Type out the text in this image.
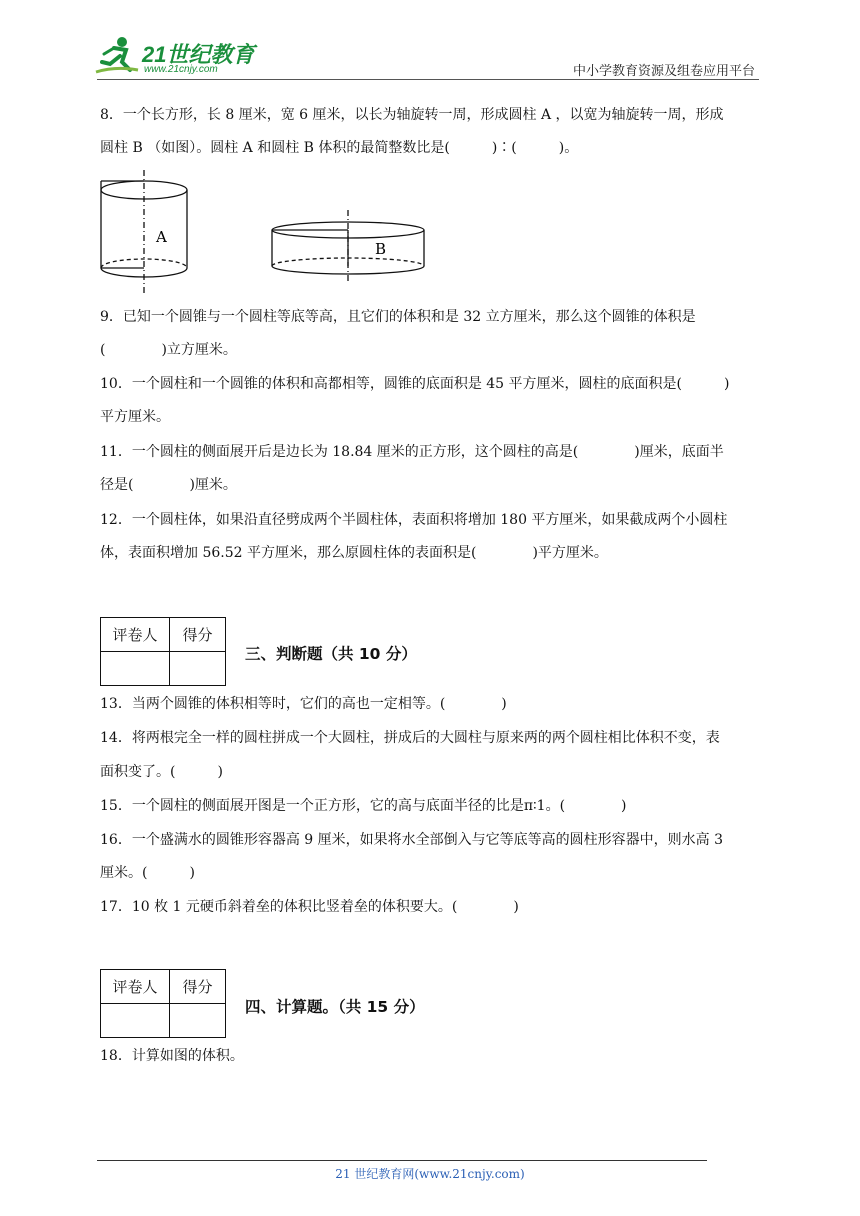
21世纪教育
www.21cnjy.com	中小学教育资源及组卷应用平台
8．一个长方形，长 8 厘米，宽 6 厘米，以长为轴旋转一周，形成圆柱 A ，以宽为轴旋转一周，形成
圆柱 B （如图）。圆柱 A 和圆柱 B 体积的最简整数比是(　　　)∶(　　　)。
A
B
9．已知一个圆锥与一个圆柱等底等高，且它们的体积和是 32 立方厘米，那么这个圆锥的体积是
(　　　　)立方厘米。
10．一个圆柱和一个圆锥的体积和高都相等，圆锥的底面积是 45 平方厘米，圆柱的底面积是(　　　)
平方厘米。
11．一个圆柱的侧面展开后是边长为 18.84 厘米的正方形，这个圆柱的高是(　　　　)厘米，底面半
径是(　　　　)厘米。
12．一个圆柱体，如果沿直径劈成两个半圆柱体，表面积将增加 180 平方厘米，如果截成两个小圆柱
体，表面积增加 56.52 平方厘米，那么原圆柱体的表面积是(　　　　)平方厘米。
评卷人	得分

三、判断题（共 10 分）
13．当两个圆锥的体积相等时，它们的高也一定相等。(　　　　)
14．将两根完全一样的圆柱拼成一个大圆柱，拼成后的大圆柱与原来两的两个圆柱相比体积不变，表
面积变了。(　　　)
15．一个圆柱的侧面展开图是一个正方形，它的高与底面半径的比是π∶1。(　　　　)
16．一个盛满水的圆锥形容器高 9 厘米，如果将水全部倒入与它等底等高的圆柱形容器中，则水高 3
厘米。(　　　)
17．10 枚 1 元硬币斜着垒的体积比竖着垒的体积要大。(　　　　)
评卷人	得分

四、计算题。（共 15 分）
18．计算如图的体积。
21 世纪教育网(www.21cnjy.com)
